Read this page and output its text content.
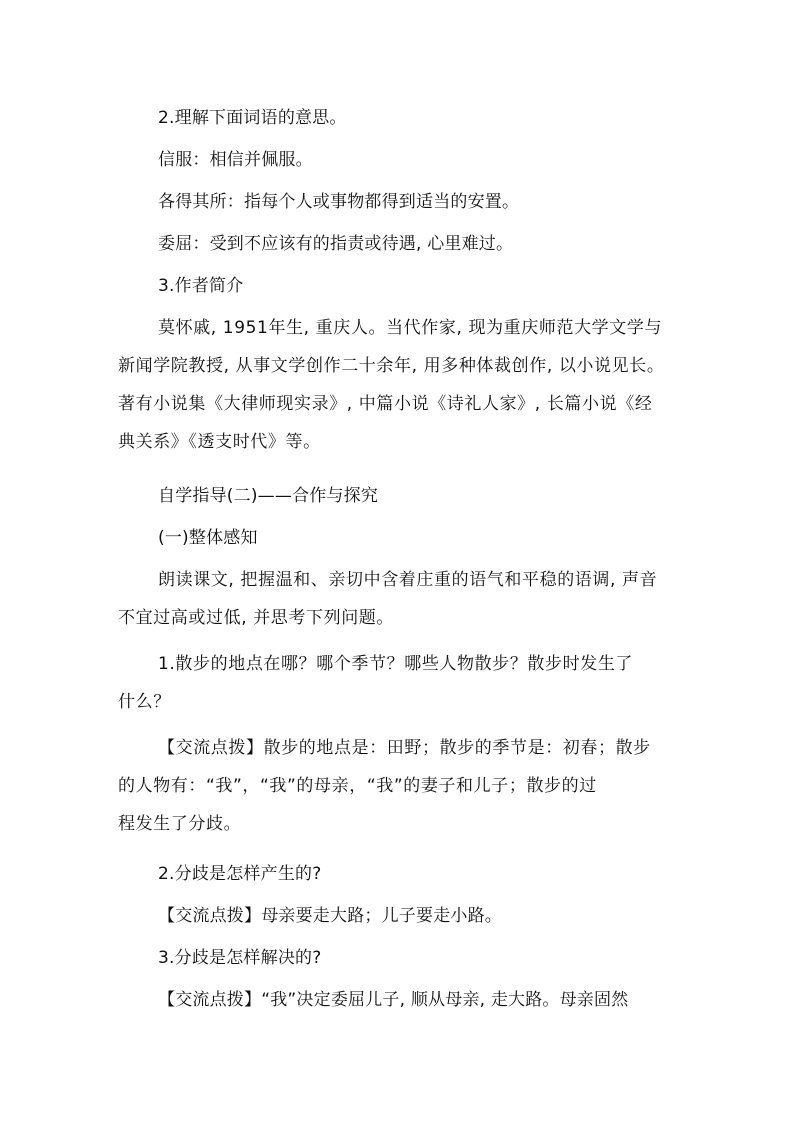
2.理解下面词语的意思。
信服：相信并佩服。
各得其所：指每个人或事物都得到适当的安置。
委屈：受到不应该有的指责或待遇, 心里难过。
3.作者简介
莫怀戚, 1951年生, 重庆人。当代作家, 现为重庆师范大学文学与
新闻学院教授, 从事文学创作二十余年, 用多种体裁创作, 以小说见长。
著有小说集《大律师现实录》, 中篇小说《诗礼人家》, 长篇小说《经
典关系》《透支时代》等。
自学指导(二)——合作与探究
(一)整体感知
朗读课文, 把握温和、亲切中含着庄重的语气和平稳的语调, 声音
不宜过高或过低, 并思考下列问题。
1.散步的地点在哪？哪个季节？哪些人物散步？散步时发生了
什么？
【交流点拨】散步的地点是：田野；散步的季节是：初春；散步
的人物有：“我”，“我”的母亲，“我”的妻子和儿子；散步的过
程发生了分歧。
2.分歧是怎样产生的?
【交流点拨】母亲要走大路；儿子要走小路。
3.分歧是怎样解决的?
【交流点拨】“我”决定委屈儿子, 顺从母亲, 走大路。母亲固然
